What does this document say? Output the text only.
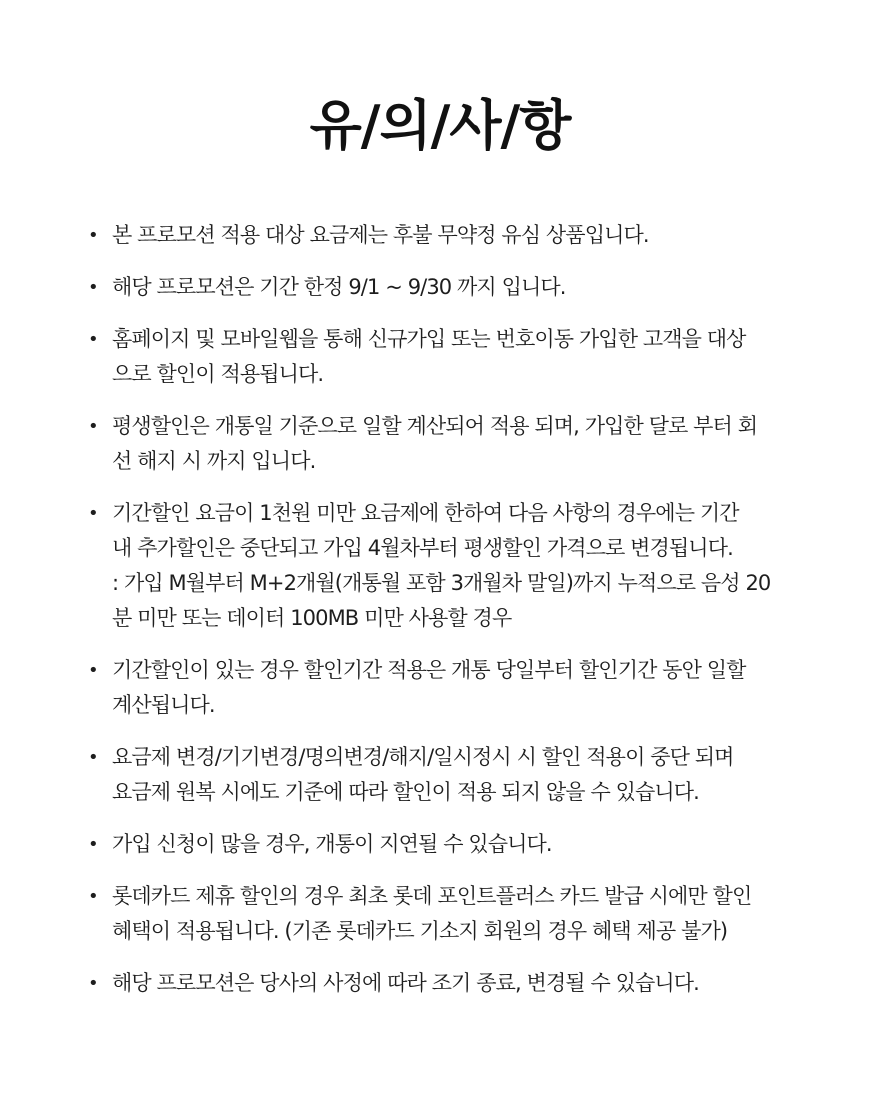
유/의/사/항
• 본 프로모션 적용 대상 요금제는 후불 무약정 유심 상품입니다.
• 해당 프로모션은 기간 한정 9/1 ~ 9/30 까지 입니다.
• 홈페이지 및 모바일웹을 통해 신규가입 또는 번호이동 가입한 고객을 대상
으로 할인이 적용됩니다.
• 평생할인은 개통일 기준으로 일할 계산되어 적용 되며, 가입한 달로 부터 회
선 해지 시 까지 입니다.
• 기간할인 요금이 1천원 미만 요금제에 한하여 다음 사항의 경우에는 기간
내 추가할인은 중단되고 가입 4월차부터 평생할인 가격으로 변경됩니다.
: 가입 M월부터 M+2개월(개통월 포함 3개월차 말일)까지 누적으로 음성 20
분 미만 또는 데이터 100MB 미만 사용할 경우
• 기간할인이 있는 경우 할인기간 적용은 개통 당일부터 할인기간 동안 일할
계산됩니다.
• 요금제 변경/기기변경/명의변경/해지/일시정시 시 할인 적용이 중단 되며
요금제 원복 시에도 기준에 따라 할인이 적용 되지 않을 수 있습니다.
• 가입 신청이 많을 경우, 개통이 지연될 수 있습니다.
• 롯데카드 제휴 할인의 경우 최초 롯데 포인트플러스 카드 발급 시에만 할인
혜택이 적용됩니다. (기존 롯데카드 기소지 회원의 경우 혜택 제공 불가)
• 해당 프로모션은 당사의 사정에 따라 조기 종료, 변경될 수 있습니다.
